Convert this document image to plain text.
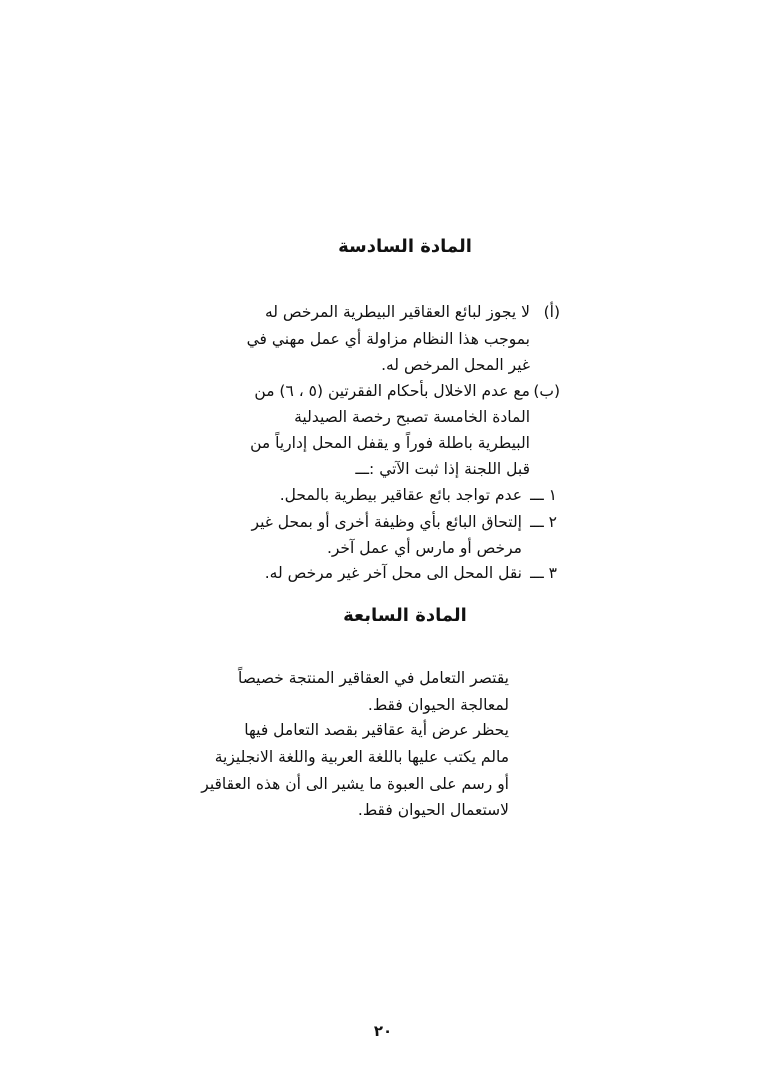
المادة السادسة
(أ)
لا يجوز لبائع العقاقير البيطرية المرخص له
بموجب هذا النظام مزاولة أي عمل مهني في
غير المحل المرخص له.
(ب)
مع عدم الاخلال بأحكام الفقرتين (٥ ، ٦) من
المادة الخامسة تصبح رخصة الصيدلية
البيطرية باطلة فوراً و يقفل المحل إدارياً من
قبل اللجنة إذا ثبت الآتي :ـــ
١ ـــ
عدم تواجد بائع عقاقير بيطرية بالمحل.
٢ ـــ
إلتحاق البائع بأي وظيفة أخرى أو بمحل غير
مرخص أو مارس أي عمل آخر.
٣ ـــ
نقل المحل الى محل آخر غير مرخص له.
المادة السابعة
يقتصر التعامل في العقاقير المنتجة خصيصاً
لمعالجة الحيوان فقط.
يحظر عرض أية عقاقير بقصد التعامل فيها
مالم يكتب عليها باللغة العربية واللغة الانجليزية
أو رسم على العبوة ما يشير الى أن هذه العقاقير
لاستعمال الحيوان فقط.
٢٠
